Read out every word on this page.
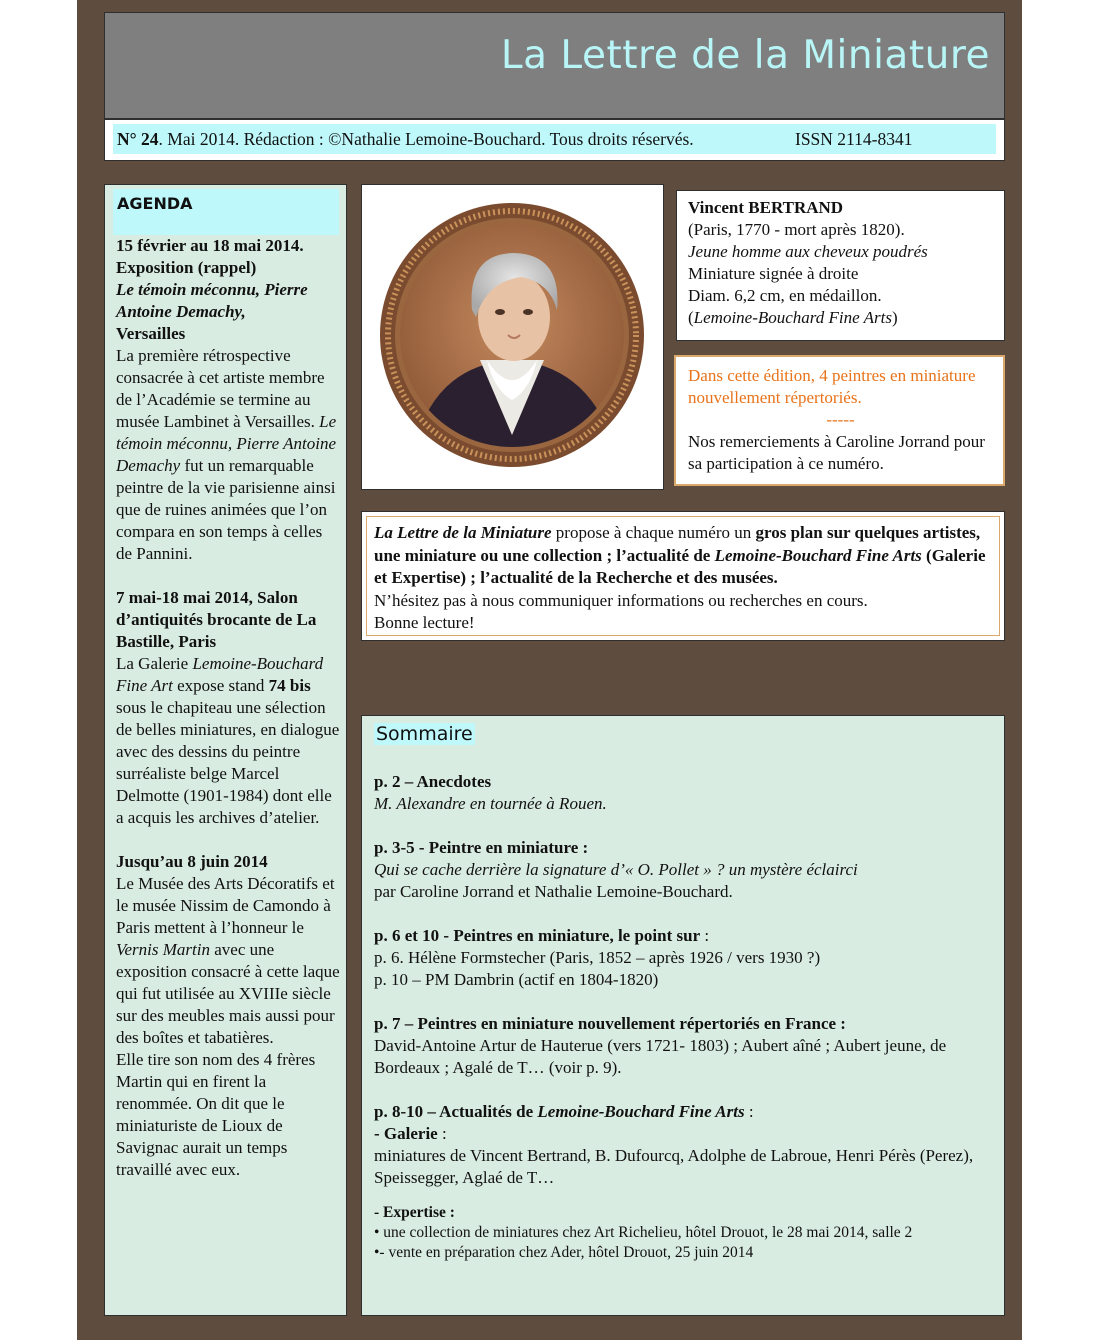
La Lettre de la Miniature
N° 24. Mai 2014. Rédaction : ©Nathalie Lemoine-Bouchard. Tous droits réservés.	ISSN 2114-8341
AGENDA

15 février au 18 mai 2014.
Exposition (rappel)
Le témoin méconnu, Pierre Antoine Demachy,
Versailles
La première rétrospective consacrée à cet artiste membre de l’Académie se termine au musée Lambinet à Versailles. Le témoin méconnu, Pierre Antoine Demachy fut un remarquable peintre de la vie parisienne ainsi que de ruines animées que l’on compara en son temps à celles de Pannini.

7 mai-18 mai 2014, Salon d’antiquités brocante de La Bastille, Paris
La Galerie Lemoine-Bouchard Fine Art expose stand 74 bis sous le chapiteau une sélection de belles miniatures, en dialogue avec des dessins du peintre surréaliste belge Marcel Delmotte (1901-1984) dont elle a acquis les archives d’atelier.

Jusqu’au 8 juin 2014
Le Musée des Arts Décoratifs et le musée Nissim de Camondo à Paris mettent à l’honneur le Vernis Martin avec une exposition consacré à cette laque qui fut utilisée au XVIIIe siècle sur des meubles mais aussi pour des boîtes et tabatières.
Elle tire son nom des 4 frères Martin qui en firent la renommée. On dit que le miniaturiste de Lioux de Savignac aurait un temps travaillé avec eux.

Vincent BERTRAND
(Paris, 1770 - mort après 1820).
Jeune homme aux cheveux poudrés
Miniature signée à droite
Diam. 6,2 cm, en médaillon.
(Lemoine-Bouchard Fine Arts)
Dans cette édition, 4 peintres en miniature nouvellement répertoriés.
-----
Nos remerciements à Caroline Jorrand pour sa participation à ce numéro.
La Lettre de la Miniature propose à chaque numéro un gros plan sur quelques artistes, une miniature ou une collection ; l’actualité de Lemoine-Bouchard Fine Arts (Galerie et Expertise) ; l’actualité de la Recherche et des musées.
N’hésitez pas à nous communiquer informations ou recherches en cours.
Bonne lecture!
Sommaire

p. 2 – Anecdotes
M. Alexandre en tournée à Rouen.

p. 3-5 - Peintre en miniature :
Qui se cache derrière la signature d’« O. Pollet » ? un mystère éclairci
par Caroline Jorrand et Nathalie Lemoine-Bouchard.

p. 6 et 10 - Peintres en miniature, le point sur :
p. 6. Hélène Formstecher (Paris, 1852 – après 1926 / vers 1930 ?)
p. 10 – PM Dambrin (actif en 1804-1820)

p. 7 – Peintres en miniature nouvellement répertoriés en France :
David-Antoine Artur de Hauterue (vers 1721- 1803) ; Aubert aîné ; Aubert jeune, de Bordeaux ; Agalé de T… (voir p. 9).

p. 8-10 – Actualités de Lemoine-Bouchard Fine Arts :
- Galerie :
miniatures de Vincent Bertrand, B. Dufourcq, Adolphe de Labroue, Henri Pérès (Perez), Speissegger, Aglaé de T…

- Expertise :
• une collection de miniatures chez Art Richelieu, hôtel Drouot, le 28 mai 2014, salle 2
•- vente en préparation chez Ader, hôtel Drouot, 25 juin 2014
